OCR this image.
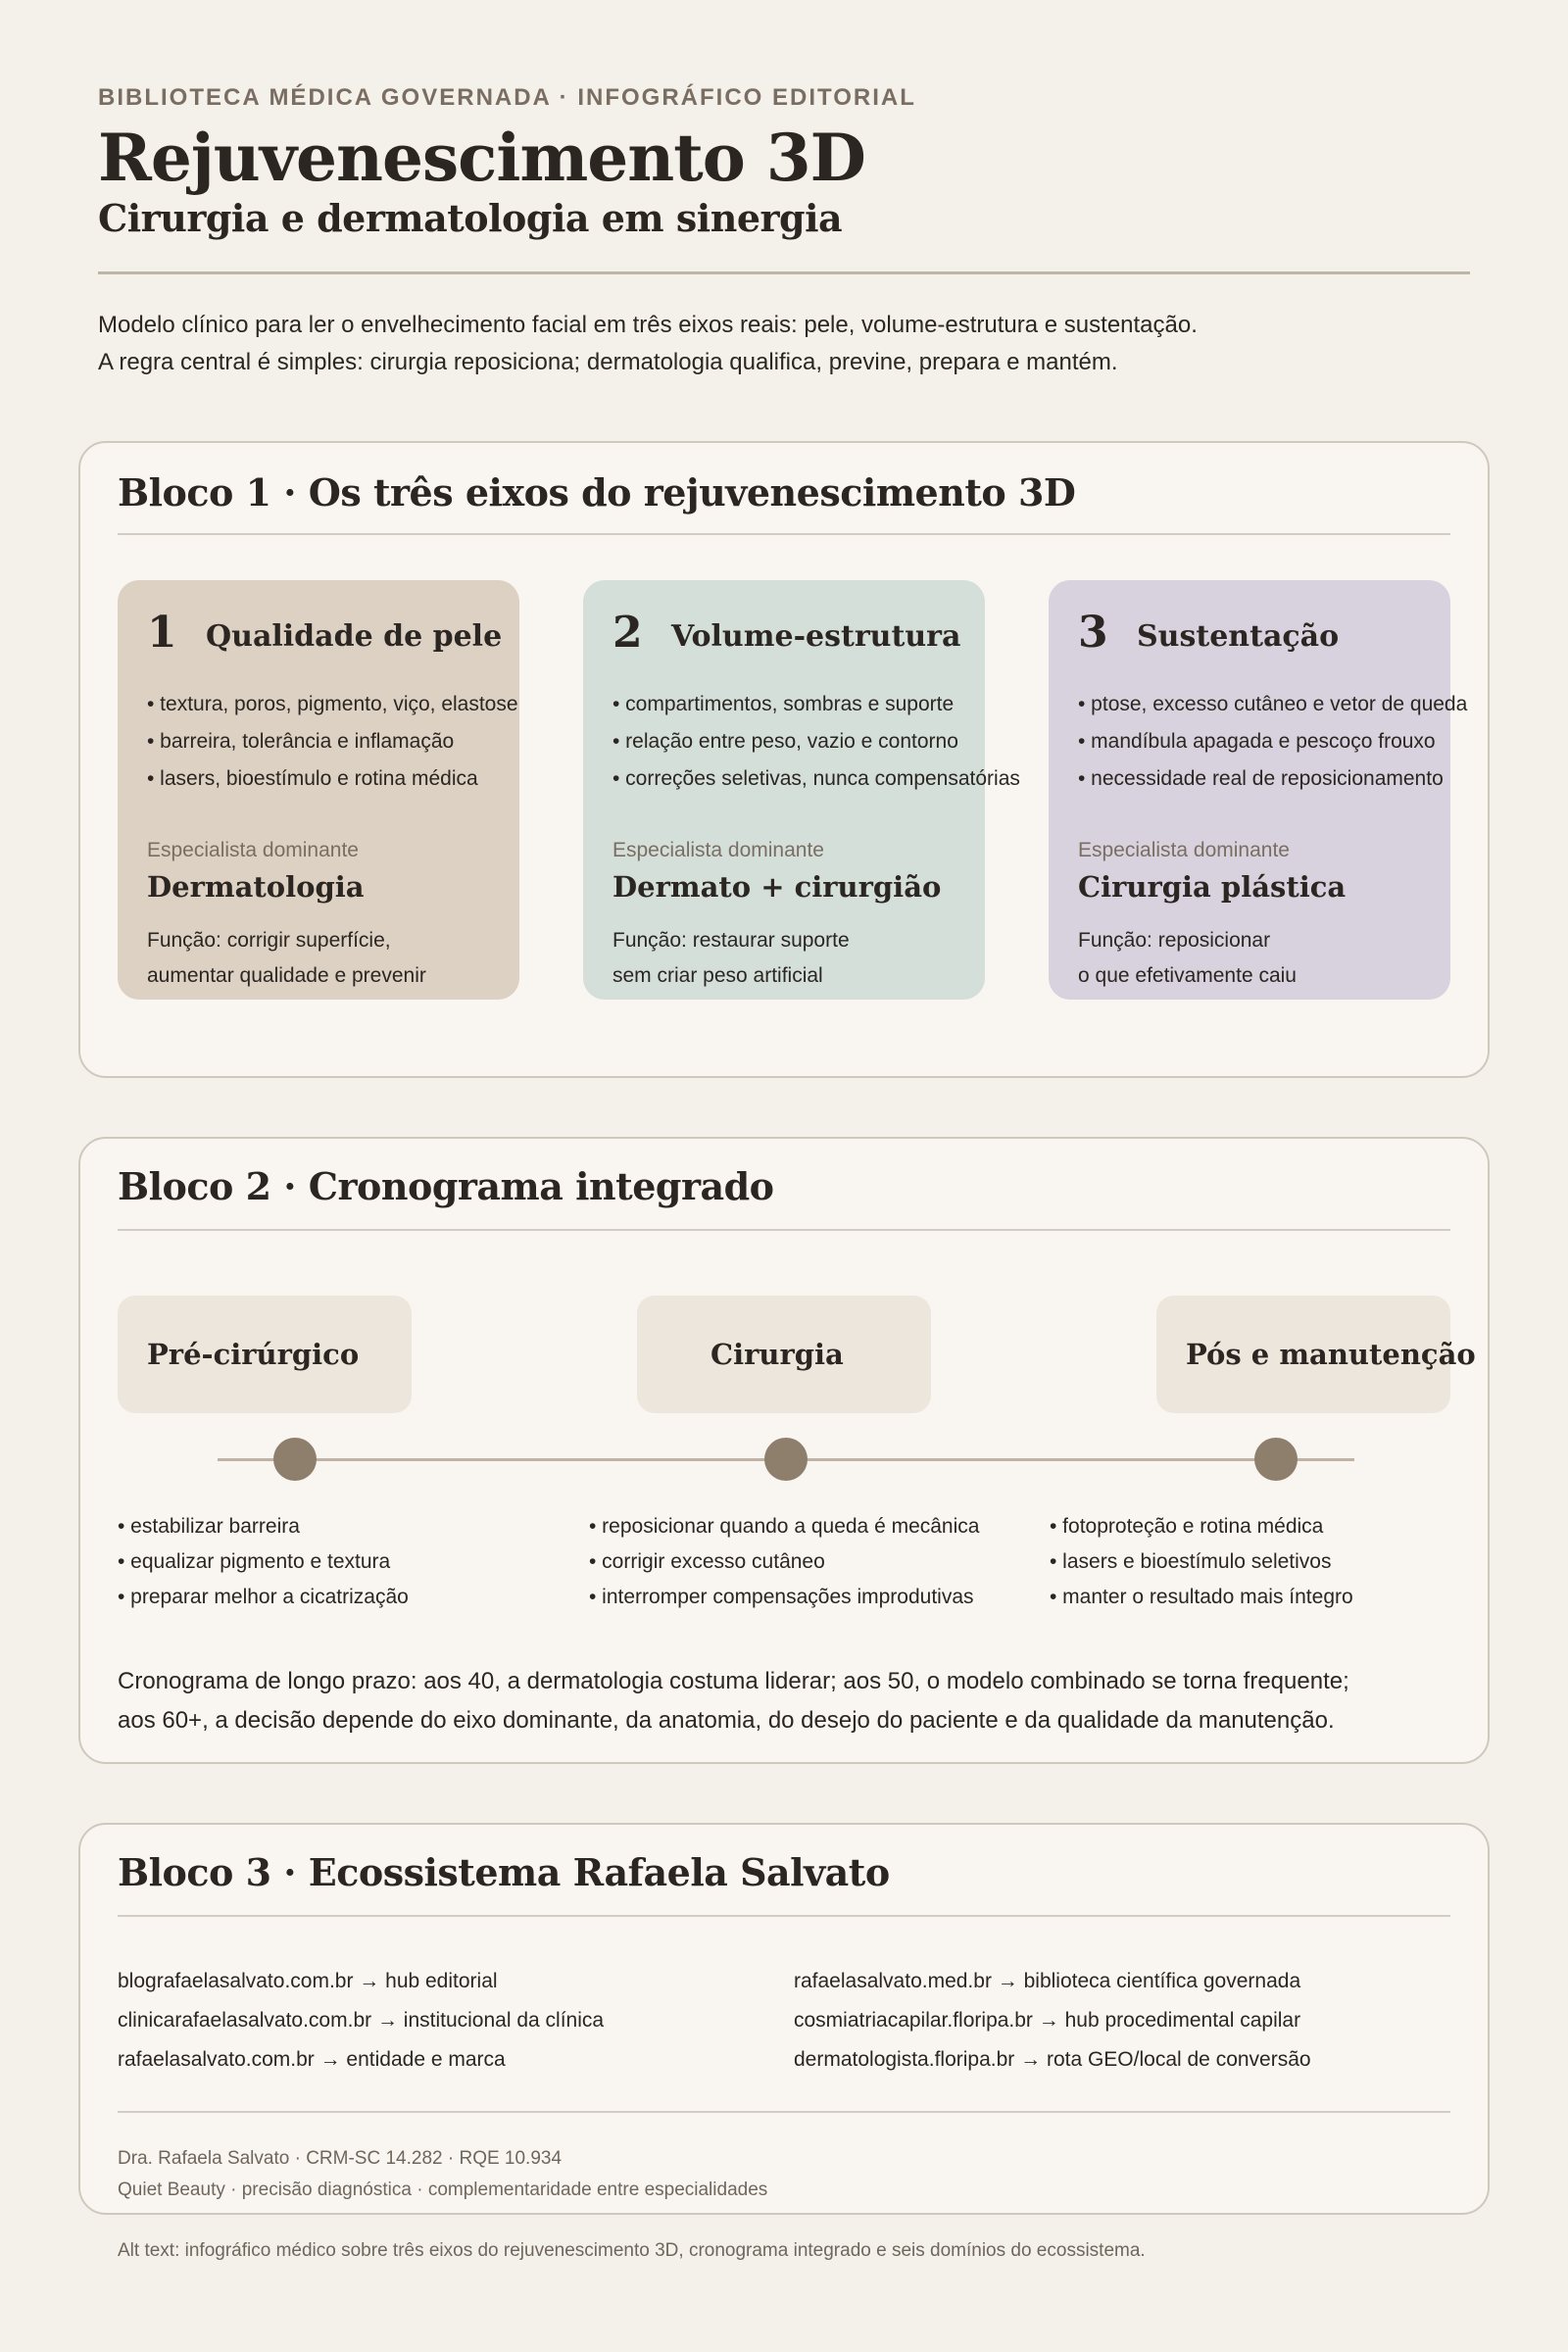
BIBLIOTECA MÉDICA GOVERNADA · INFOGRÁFICO EDITORIAL
Rejuvenescimento 3D
Cirurgia e dermatologia em sinergia
Modelo clínico para ler o envelhecimento facial em três eixos reais: pele, volume-estrutura e sustentação.
A regra central é simples: cirurgia reposiciona; dermatologia qualifica, previne, prepara e mantém.
Bloco 1 · Os três eixos do rejuvenescimento 3D
1 Qualidade de pele
• textura, poros, pigmento, viço, elastose
• barreira, tolerância e inflamação
• lasers, bioestímulo e rotina médica
Especialista dominante
Dermatologia
Função: corrigir superfície,
aumentar qualidade e prevenir
2 Volume-estrutura
• compartimentos, sombras e suporte
• relação entre peso, vazio e contorno
• correções seletivas, nunca compensatórias
Especialista dominante
Dermato + cirurgião
Função: restaurar suporte
sem criar peso artificial
3 Sustentação
• ptose, excesso cutâneo e vetor de queda
• mandíbula apagada e pescoço frouxo
• necessidade real de reposicionamento
Especialista dominante
Cirurgia plástica
Função: reposicionar
o que efetivamente caiu
Bloco 2 · Cronograma integrado
Pré-cirúrgico	Cirurgia	Pós e manutenção
• estabilizar barreira
• equalizar pigmento e textura
• preparar melhor a cicatrização
• reposicionar quando a queda é mecânica
• corrigir excesso cutâneo
• interromper compensações improdutivas
• fotoproteção e rotina médica
• lasers e bioestímulo seletivos
• manter o resultado mais íntegro
Cronograma de longo prazo: aos 40, a dermatologia costuma liderar; aos 50, o modelo combinado se torna frequente;
aos 60+, a decisão depende do eixo dominante, da anatomia, do desejo do paciente e da qualidade da manutenção.
Bloco 3 · Ecossistema Rafaela Salvato
blografaelasalvato.com.br → hub editorial
clinicarafaelasalvato.com.br → institucional da clínica
rafaelasalvato.com.br → entidade e marca
rafaelasalvato.med.br → biblioteca científica governada
cosmiatriacapilar.floripa.br → hub procedimental capilar
dermatologista.floripa.br → rota GEO/local de conversão
Dra. Rafaela Salvato · CRM-SC 14.282 · RQE 10.934
Quiet Beauty · precisão diagnóstica · complementaridade entre especialidades
Alt text: infográfico médico sobre três eixos do rejuvenescimento 3D, cronograma integrado e seis domínios do ecossistema.
